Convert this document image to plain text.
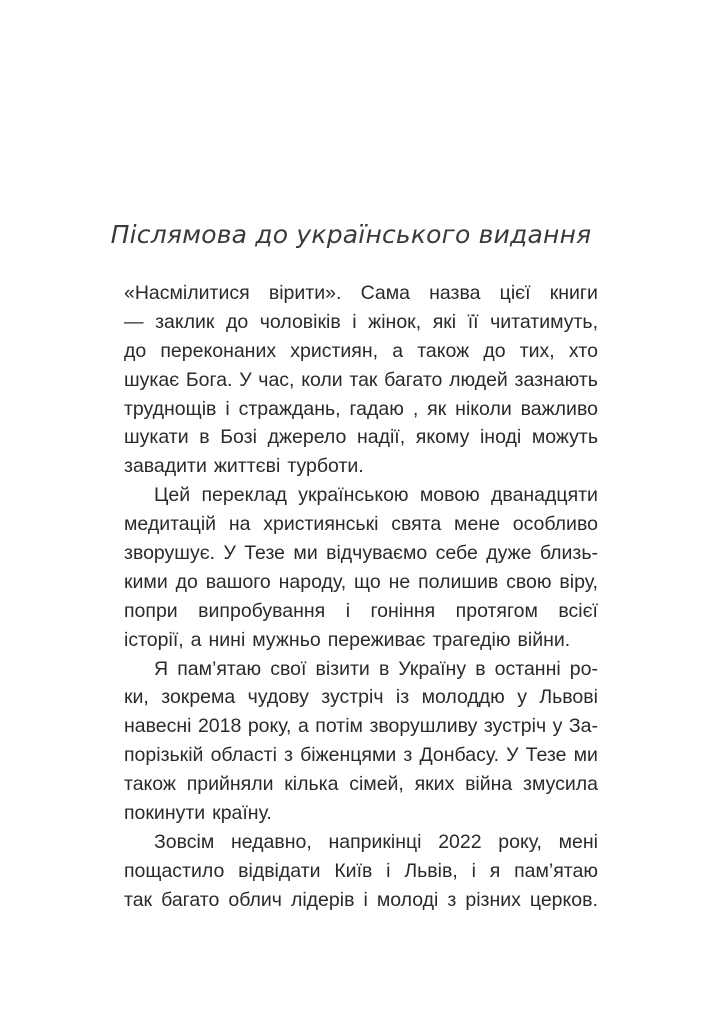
Післямова до українського видання
«Насмілитися вірити». Сама назва цієї книги
— заклик до чоловіків і жінок, які її читатимуть,
до переконаних християн, а також до тих, хто
шукає Бога. У час, коли так багато людей зазнають
труднощів і страждань, гадаю , як ніколи важливо
шукати в Бозі джерело надії, якому іноді можуть
завадити життєві турботи.
Цей переклад українською мовою дванадцяти
медитацій на християнські свята мене особливо
зворушує. У Тезе ми відчуваємо себе дуже близь-
кими до вашого народу, що не полишив свою віру,
попри випробування і гоніння протягом всієї
історії, а нині мужньо переживає трагедію війни.
Я пам’ятаю свої візити в Україну в останні ро-
ки, зокрема чудову зустріч із молоддю у Львові
навесні 2018 року, а потім зворушливу зустріч у За-
порізькій області з біженцями з Донбасу. У Тезе ми
також прийняли кілька сімей, яких війна змусила
покинути країну.
Зовсім недавно, наприкінці 2022 року, мені
пощастило відвідати Київ і Львів, і я пам’ятаю
так багато облич лідерів і молоді з різних церков.
